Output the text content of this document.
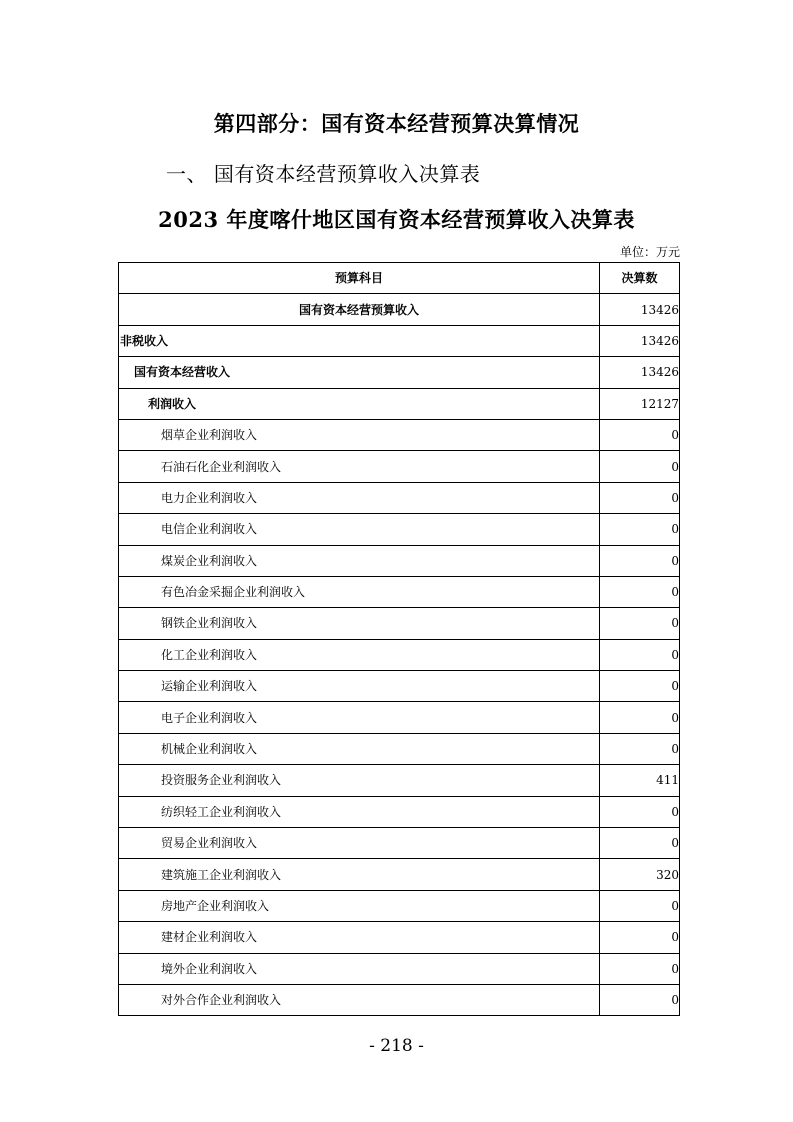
第四部分：国有资本经营预算决算情况
一、 国有资本经营预算收入决算表
2023 年度喀什地区国有资本经营预算收入决算表
单位：万元
预算科目	决算数
国有资本经营预算收入	13426
非税收入	13426
国有资本经营收入	13426
利润收入	12127
烟草企业利润收入	0
石油石化企业利润收入	0
电力企业利润收入	0
电信企业利润收入	0
煤炭企业利润收入	0
有色冶金采掘企业利润收入	0
钢铁企业利润收入	0
化工企业利润收入	0
运输企业利润收入	0
电子企业利润收入	0
机械企业利润收入	0
投资服务企业利润收入	411
纺织轻工企业利润收入	0
贸易企业利润收入	0
建筑施工企业利润收入	320
房地产企业利润收入	0
建材企业利润收入	0
境外企业利润收入	0
对外合作企业利润收入	0
- 218 -
